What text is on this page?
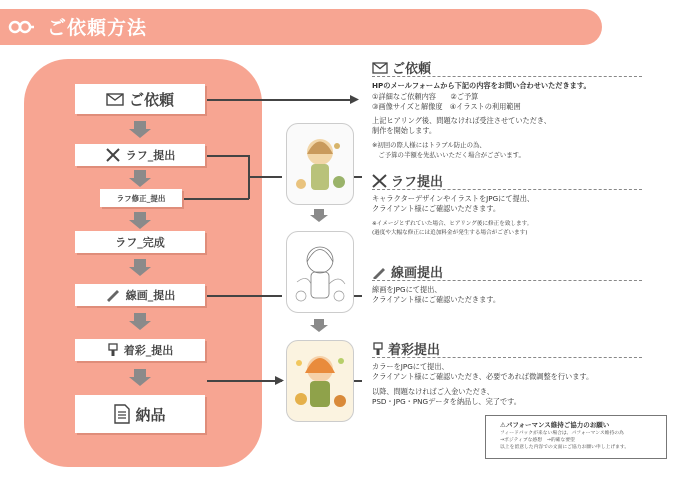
ご依頼方法
ご依頼
ラフ_提出
ラフ修正_提出
ラフ_完成
線画_提出
着彩_提出
納品
ご依頼
HPのメールフォームから下記の内容をお問い合わせいただきます。
①詳細なご依頼内容　　②ご予算
③画像サイズと解像度　④イラストの利用範囲
上記ヒアリング後、問題なければ受注させていただき、
制作を開始します。
※初回の際人様にはトラブル防止の為、
　ご予算の半額を先払いいただく場合がございます。
ラフ提出
キャラクターデザインやイラストをJPGにて提出、
クライアント様にご確認いただきます。
※イメージとずれていた場合、ヒアリング後に修正を致します。
(過度や大幅な修正には追加料金が発生する場合がございます)
線画提出
線画をJPGにて提出、
クライアント様にご確認いただきます。
着彩提出
カラーをJPGにて提出、
クライアント様にご確認いただき、必要であれば微調整を行います。
以降、問題なければご入金いただき、
PSD・JPG・PNGデータを納品し、完了です。
⚠パフォーマンス維持ご協力のお願い
フィードバックが来ない場合は、パフォーマンス維持の為
→ポジティブな感想　→的確な要望
以上を留意した内容での文面にご協力お願い申し上げます。
